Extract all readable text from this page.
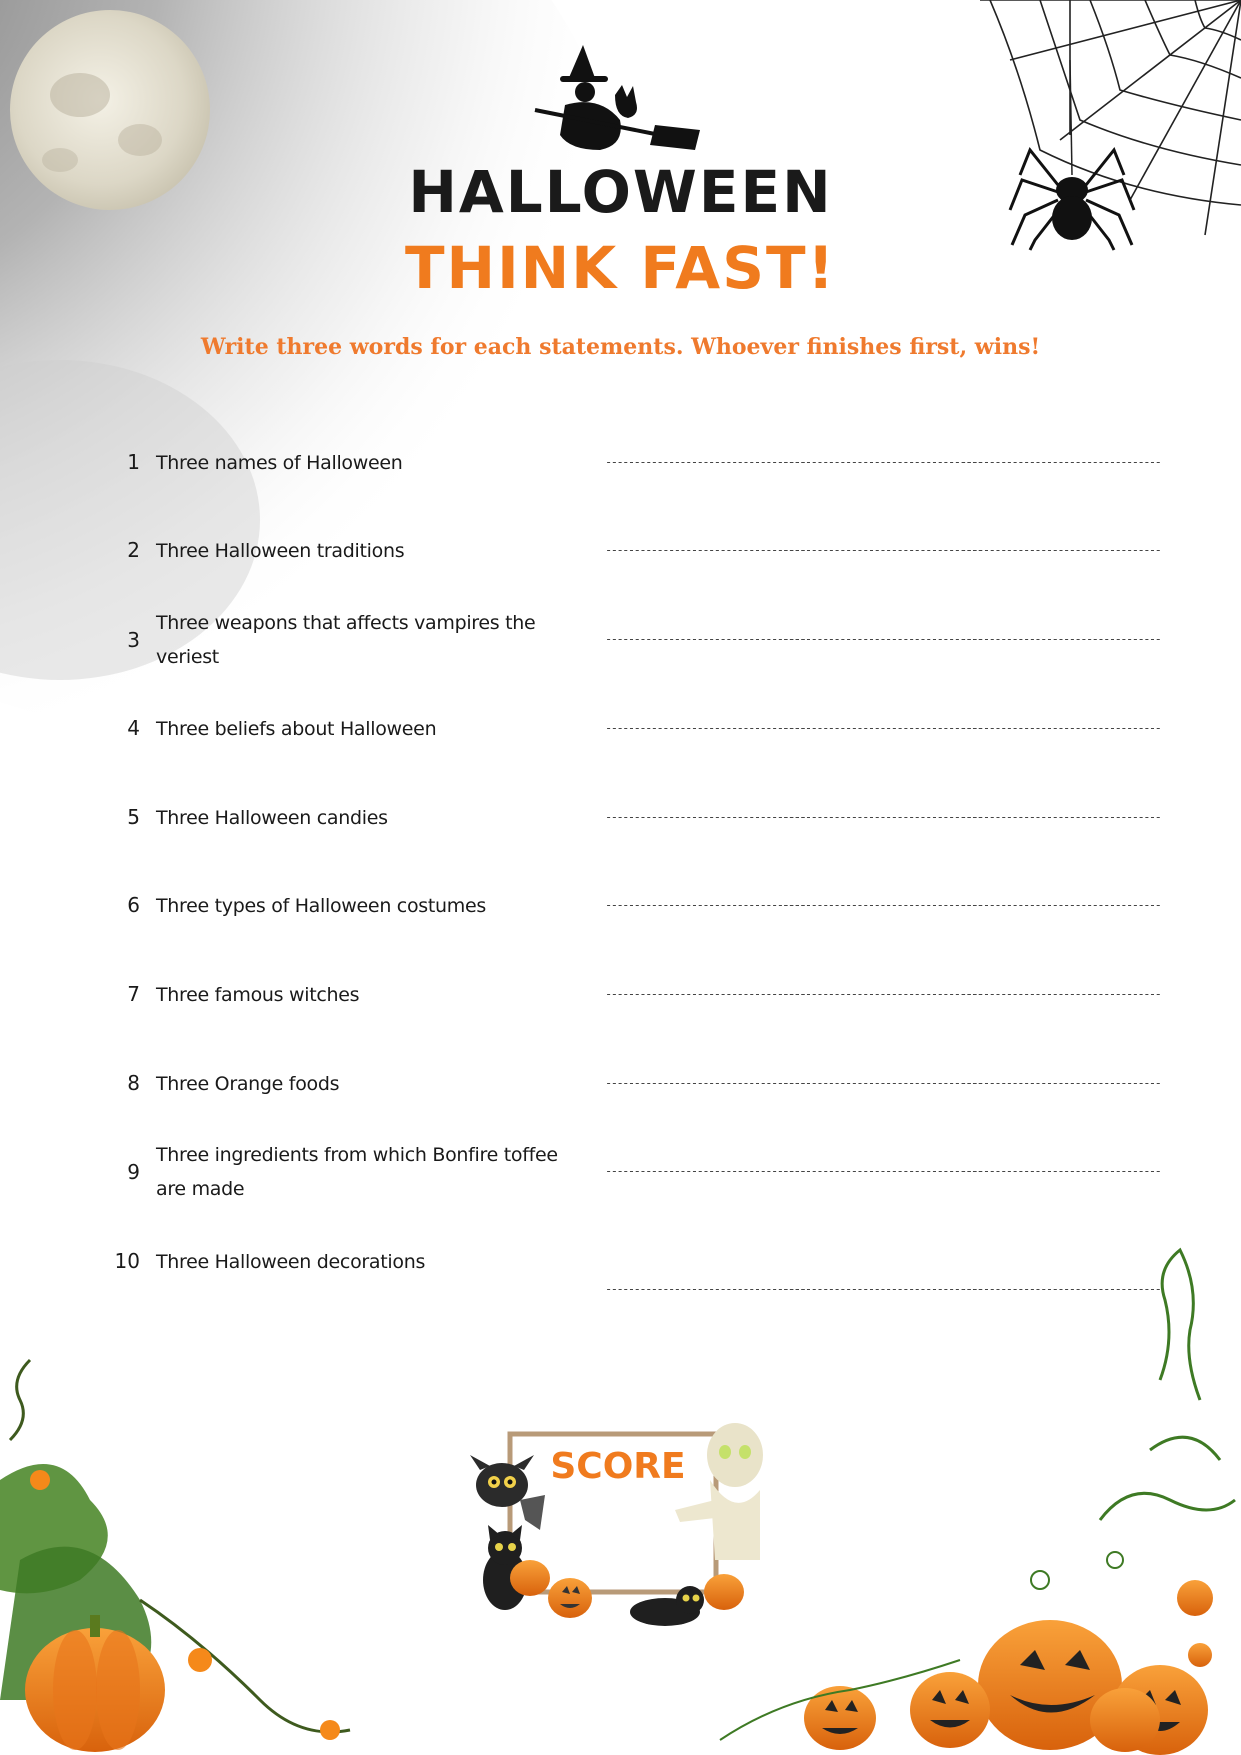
HALLOWEEN
THINK FAST!
Write three words for each statements. Whoever finishes first, wins!
1 Three names of Halloween	-----------------------------------
-----------------------------------
-----------------------------------
2 Three Halloween traditions	-----------------------------------
-----------------------------------
-----------------------------------
3
Three weapons that affects vampires the veriest
-----------------------------------
-----------------------------------
-----------------------------------
4 Three beliefs about Halloween	-----------------------------------
-----------------------------------
-----------------------------------
5 Three Halloween candies	-----------------------------------
-----------------------------------
-----------------------------------
6 Three types of Halloween costumes	-----------------------------------
-----------------------------------
-----------------------------------
7 Three famous witches	-----------------------------------
-----------------------------------
-----------------------------------
8 Three Orange foods	-----------------------------------
-----------------------------------
-----------------------------------
9
Three ingredients from which Bonfire toffee are made
-----------------------------------
-----------------------------------
-----------------------------------
10 Three Halloween decorations
-----------------------------------
-----------------------------------
-----------------------------------
SCORE
